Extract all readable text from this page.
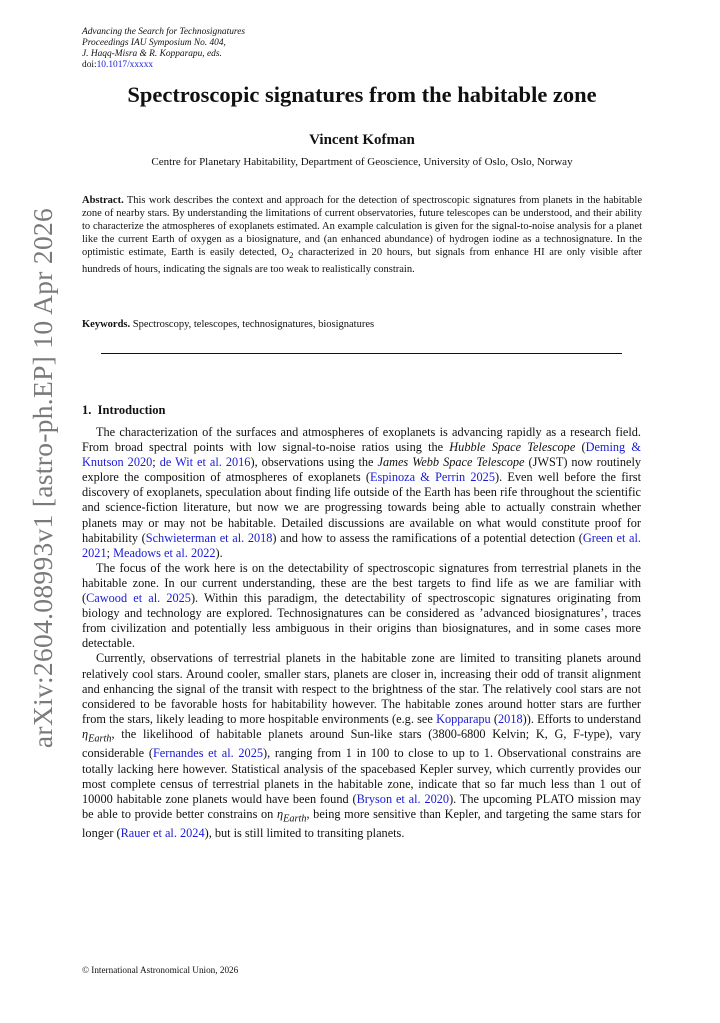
arXiv:2604.08993v1 [astro-ph.EP] 10 Apr 2026
Advancing the Search for Technosignatures
Proceedings IAU Symposium No. 404,
J. Haqq-Misra & R. Kopparapu, eds.
doi:10.1017/xxxxx
Spectroscopic signatures from the habitable zone
Vincent Kofman
Centre for Planetary Habitability, Department of Geoscience, University of Oslo, Oslo, Norway

Abstract. This work describes the context and approach for the detection of spectroscopic signatures from planets in the habitable zone of nearby stars. By understanding the limitations of current observatories, future telescopes can be understood, and their ability to characterize the atmospheres of exoplanets estimated. An example calculation is given for the signal-to-noise analysis for a planet like the current Earth of oxygen as a biosignature, and (an enhanced abundance) of hydrogen iodine as a technosignature. In the optimistic estimate, Earth is easily detected, $O_2$ characterized in 20 hours, but signals from enhance HI are only visible after hundreds of hours, indicating the signals are too weak to realistically constrain.

Keywords. Spectroscopy, telescopes, technosignatures, biosignatures

1. Introduction

The characterization of the surfaces and atmospheres of exoplanets is advancing rapidly as a research field. From broad spectral points with low signal-to-noise ratios using the Hubble Space Telescope (Deming & Knutson 2020; de Wit et al. 2016), observations using the James Webb Space Telescope (JWST) now routinely explore the composition of atmospheres of exoplanets (Espinoza & Perrin 2025). Even well before the first discovery of exoplanets, speculation about finding life outside of the Earth has been rife throughout the scientific and science-fiction literature, but now we are progressing towards being able to actually constrain whether planets may or may not be habitable. Detailed discussions are available on what would constitute proof for habitability (Schwieterman et al. 2018) and how to assess the ramifications of a potential detection (Green et al. 2021; Meadows et al. 2022).

The focus of the work here is on the detectability of spectroscopic signatures from terrestrial planets in the habitable zone. In our current understanding, these are the best targets to find life as we are familiar with (Cawood et al. 2025). Within this paradigm, the detectability of spectroscopic signatures originating from biology and technology are explored. Technosignatures can be considered as ’advanced biosignatures’, traces from civilization and potentially less ambiguous in their origins than biosignatures, and in some cases more detectable.

Currently, observations of terrestrial planets in the habitable zone are limited to transiting planets around relatively cool stars. Around cooler, smaller stars, planets are closer in, increasing their odd of transit alignment and enhancing the signal of the transit with respect to the brightness of the star. The relatively cool stars are not considered to be favorable hosts for habitability however. The habitable zones around hotter stars are further from the stars, likely leading to more hospitable environments (e.g. see Kopparapu (2018)). Efforts to understand $\eta_{Earth}$, the likelihood of habitable planets around Sun-like stars (3800-6800 Kelvin; K, G, F-type), vary considerable (Fernandes et al. 2025), ranging from 1 in 100 to close to up to 1. Observational constrains are totally lacking here however. Statistical analysis of the spacebased Kepler survey, which currently provides our most complete census of terrestrial planets in the habitable zone, indicate that so far much less than 1 out of 10000 habitable zone planets would have been found (Bryson et al. 2020). The upcoming PLATO mission may be able to provide better constrains on $\eta_{Earth}$, being more sensitive than Kepler, and targeting the same stars for longer (Rauer et al. 2024), but is still limited to transiting planets.

© International Astronomical Union, 2026
